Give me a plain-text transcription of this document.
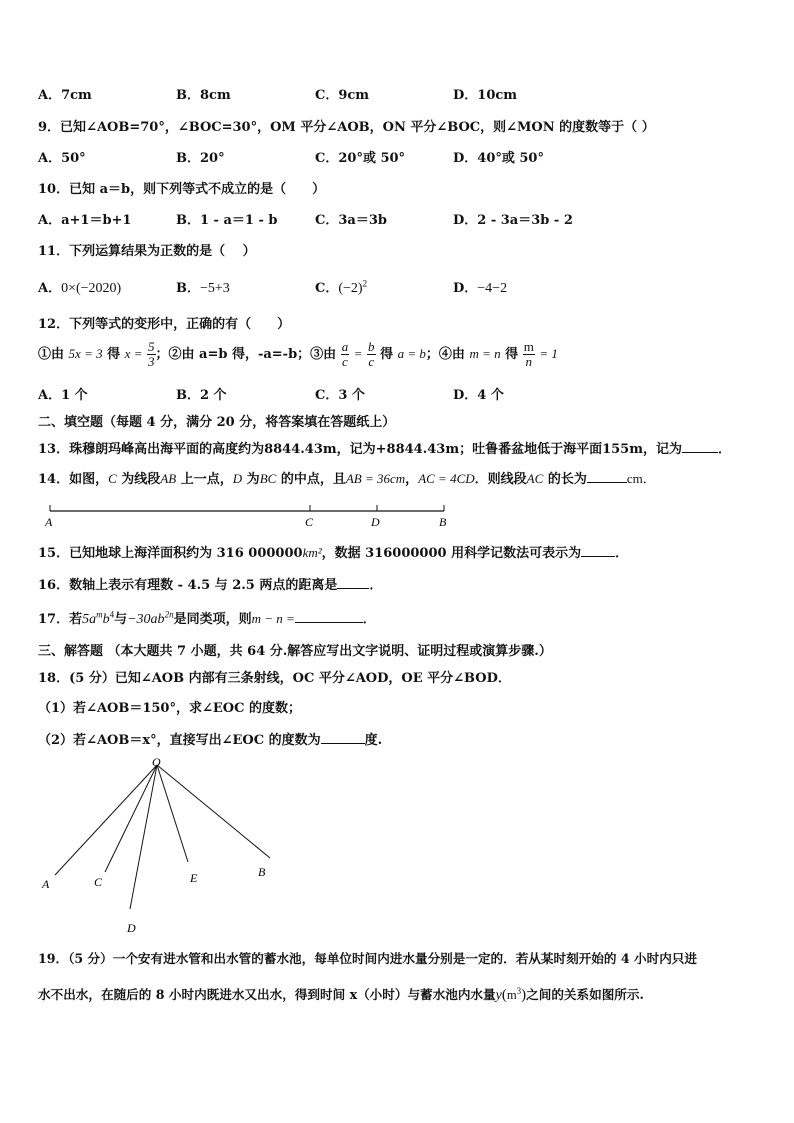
A．7cm	B．8cm	C．9cm	D．10cm
9．已知∠AOB=70°，∠BOC=30°，OM 平分∠AOB，ON 平分∠BOC，则∠MON 的度数等于（ ）
A．50°	B．20°	C．20°或 50°	D．40°或 50°
10．已知 a＝b，则下列等式不成立的是（　　）
A．a+1＝b+1	B．1 - a＝1 - b	C．3a＝3b	D．2 - 3a＝3b - 2
11．下列运算结果为正数的是（　 ）
A．0×(−2020)	B．−5+3	C．$(-2)^2$	D．−4−2
12．下列等式的变形中，正确的有（　　）
①由 5x = 3 得 $x = \frac{5}{3}$ ；②由 a=b 得，-a=-b；③由 $\frac{a}{c} = \frac{b}{c}$ 得 a = b；④由 m = n 得 $\frac{m}{n} = 1$
A．1 个	B．2 个	C．3 个	D．4 个
二、填空题（每题 4 分，满分 20 分，将答案填在答题纸上）
13．珠穆朗玛峰高出海平面的高度约为8844.43m，记为+8844.43m；吐鲁番盆地低于海平面155m，记为	．
14．如图，C 为线段AB 上一点，D 为BC 的中点，且AB = 36cm，AC = 4CD．则线段AC 的长为	cm．
A	C	D	B
15．已知地球上海洋面积约为 316 000000km²，数据 316000000 用科学记数法可表示为	．
16．数轴上表示有理数 - 4.5 与 2.5 两点的距离是 ．
17．若$5a^mb^4$与$-30ab^{2n}$是同类项，则m − n =	．
三、解答题 （本大题共 7 小题，共 64 分.解答应写出文字说明、证明过程或演算步骤.）
18．(5 分）已知∠AOB 内部有三条射线，OC 平分∠AOD，OE 平分∠BOD．
（1）若∠AOB＝150°，求∠EOC 的度数；
（2）若∠AOB＝x°，直接写出∠EOC 的度数为	度.
O
A	C
D
E	B
19．（5 分）一个安有进水管和出水管的蓄水池，每单位时间内进水量分别是一定的．若从某时刻开始的 4 小时内只进
水不出水，在随后的 8 小时内既进水又出水，得到时间 x（小时）与蓄水池内水量$y(m^3)$之间的关系如图所示.
